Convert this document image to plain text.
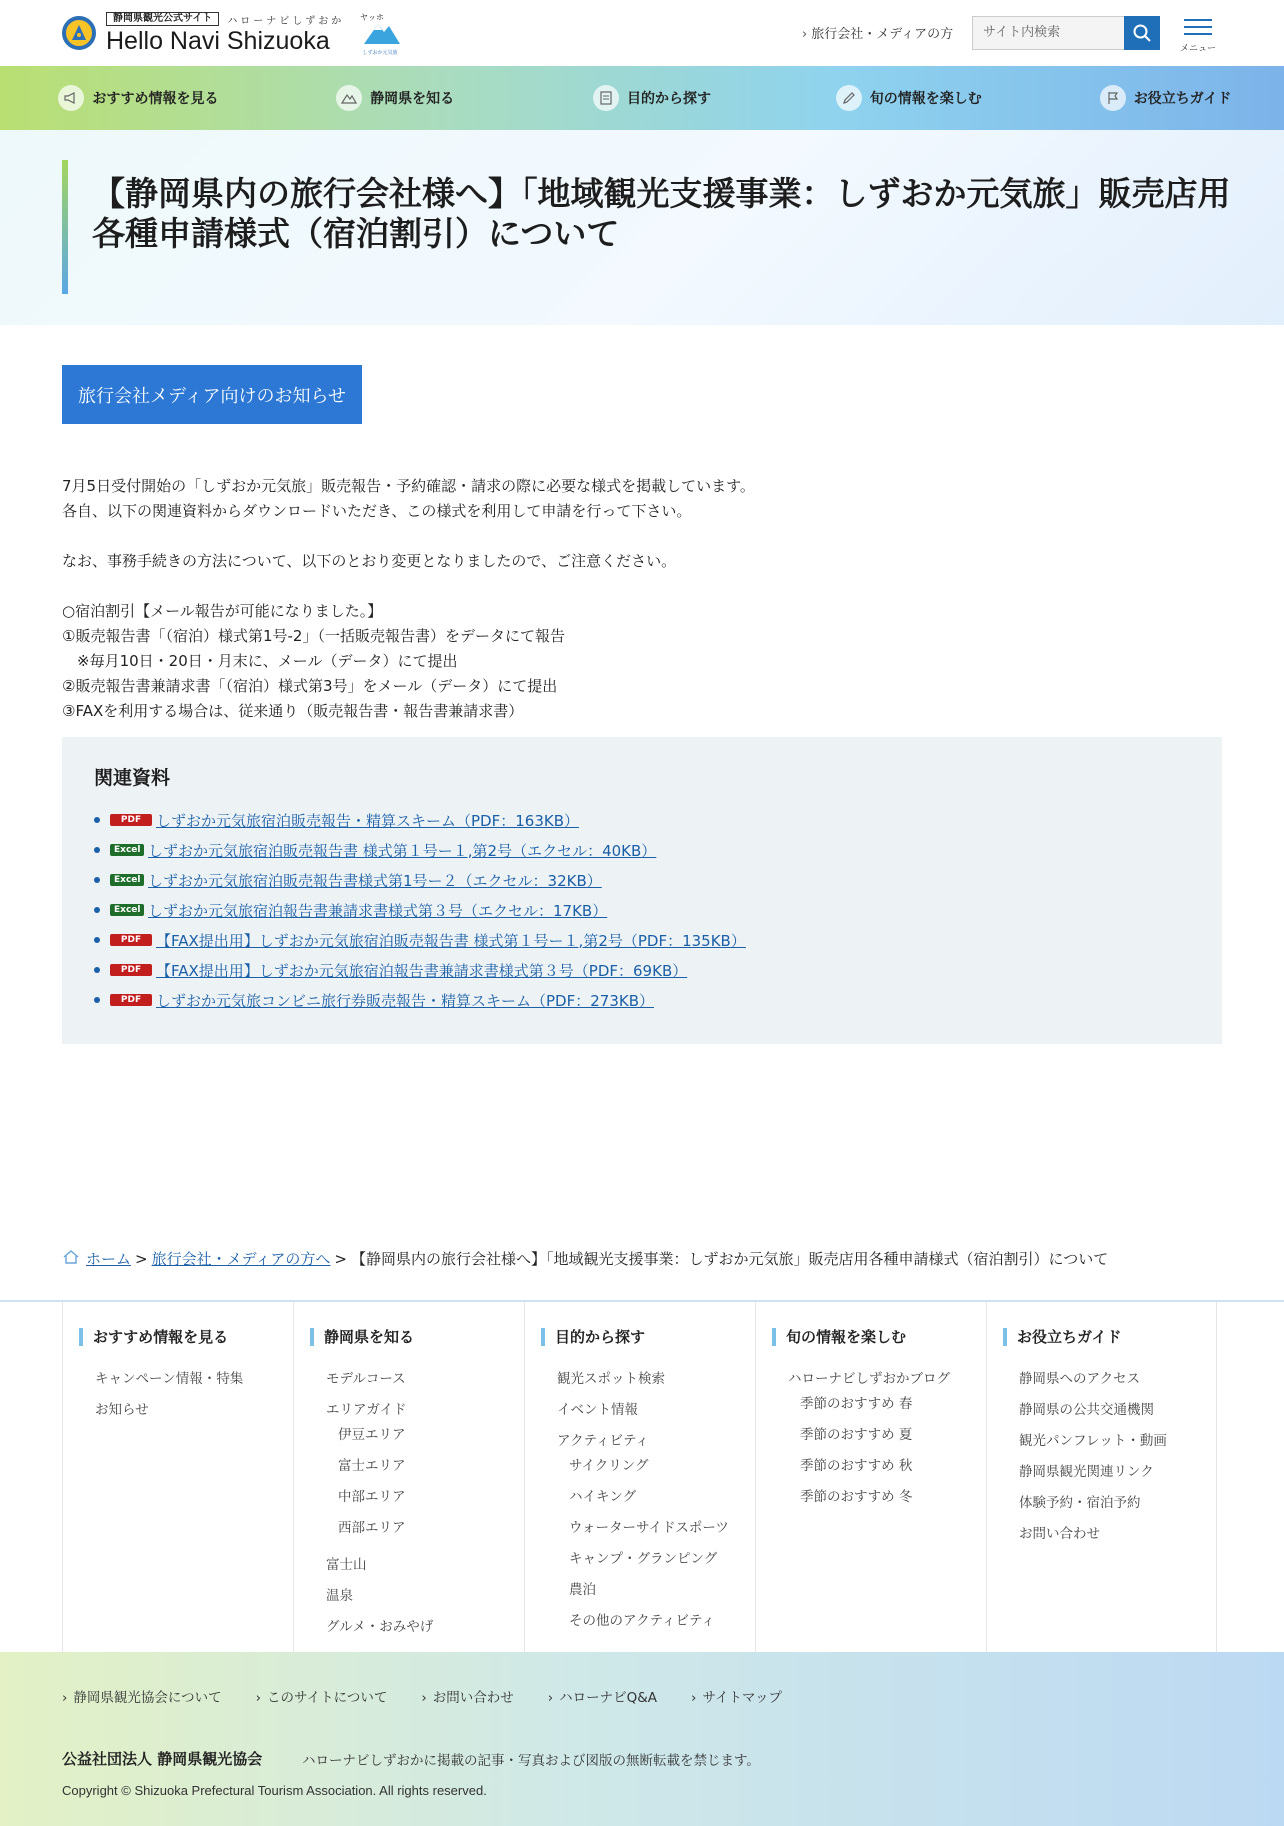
静岡県観光公式サイト	ハローナビしずおか
Hello Navi Shizuoka
ヤッホ
しずおか元気旅
› 旅行会社・メディアの方	サイト内検索
メニュー
おすすめ情報を見る	静岡県を知る	目的から探す	旬の情報を楽しむ	お役立ちガイド
【静岡県内の旅行会社様へ】「地域観光支援事業：しずおか元気旅」販売店用各種申請様式（宿泊割引）について
旅行会社メディア向けのお知らせ
7月5日受付開始の「しずおか元気旅」販売報告・予約確認・請求の際に必要な様式を掲載しています。
各自、以下の関連資料からダウンロードいただき、この様式を利用して申請を行って下さい。
なお、事務手続きの方法について、以下のとおり変更となりましたので、ご注意ください。
○宿泊割引【メール報告が可能になりました。】
①販売報告書「（宿泊）様式第1号-2」（一括販売報告書）をデータにて報告
　※毎月10日・20日・月末に、メール（データ）にて提出
②販売報告書兼請求書「（宿泊）様式第3号」をメール（データ）にて提出
③FAXを利用する場合は、従来通り（販売報告書・報告書兼請求書）
関連資料
PDF しずおか元気旅宿泊販売報告・精算スキーム（PDF：163KB）
Excel しずおか元気旅宿泊販売報告書 様式第１号ー１,第2号（エクセル：40KB）
Excel しずおか元気旅宿泊販売報告書様式第1号ー２（エクセル：32KB）
Excel しずおか元気旅宿泊報告書兼請求書様式第３号（エクセル：17KB）
PDF 【FAX提出用】しずおか元気旅宿泊販売報告書 様式第１号ー１,第2号（PDF：135KB）
PDF 【FAX提出用】しずおか元気旅宿泊報告書兼請求書様式第３号（PDF：69KB）
PDF しずおか元気旅コンビニ旅行券販売報告・精算スキーム（PDF：273KB）
ホーム > 旅行会社・メディアの方へ > 【静岡県内の旅行会社様へ】「地域観光支援事業：しずおか元気旅」販売店用各種申請様式（宿泊割引）について
おすすめ情報を見る
キャンペーン情報・特集
お知らせ
静岡県を知る
モデルコース
エリアガイド
伊豆エリア
富士エリア
中部エリア
西部エリア
富士山
温泉
グルメ・おみやげ
目的から探す
観光スポット検索
イベント情報
アクティビティ
サイクリング
ハイキング
ウォーターサイドスポーツ
キャンプ・グランピング
農泊
その他のアクティビティ
旬の情報を楽しむ
ハローナビしずおかブログ
季節のおすすめ 春
季節のおすすめ 夏
季節のおすすめ 秋
季節のおすすめ 冬
お役立ちガイド
静岡県へのアクセス
静岡県の公共交通機関
観光パンフレット・動画
静岡県観光関連リンク
体験予約・宿泊予約
お問い合わせ
› 静岡県観光協会について	› このサイトについて	› お問い合わせ	› ハローナビQ&A	› サイトマップ
公益社団法人 静岡県観光協会	ハローナビしずおかに掲載の記事・写真および図版の無断転載を禁じます。
Copyright © Shizuoka Prefectural Tourism Association. All rights reserved.
